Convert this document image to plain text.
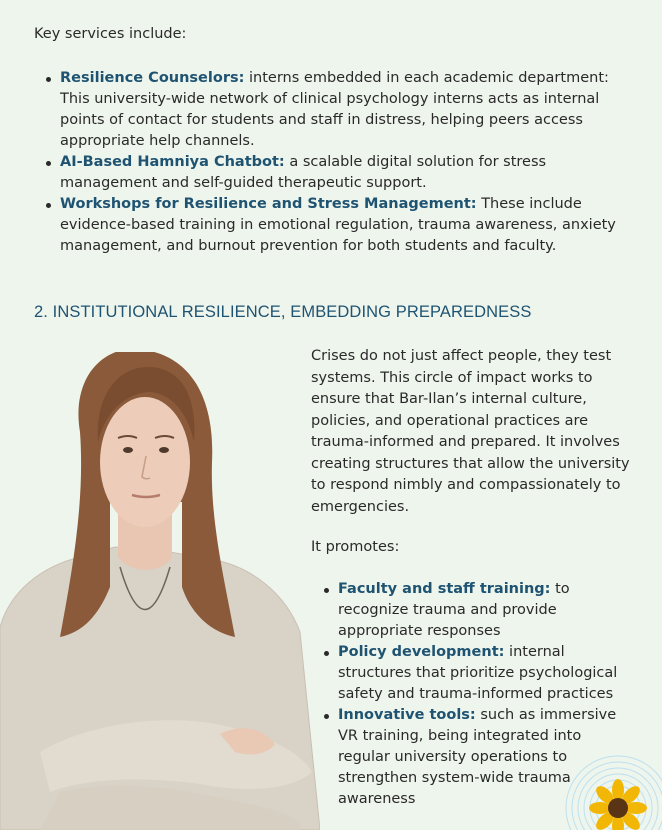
Key services include:
Resilience Counselors: interns embedded in each academic department: This university-wide network of clinical psychology interns acts as internal points of contact for students and staff in distress, helping peers access appropriate help channels.
AI-Based Hamniya Chatbot: a scalable digital solution for stress management and self-guided therapeutic support.
Workshops for Resilience and Stress Management: These include evidence-based training in emotional regulation, trauma awareness, anxiety management, and burnout prevention for both students and faculty.
2. INSTITUTIONAL RESILIENCE, EMBEDDING PREPAREDNESS
Crises do not just affect people, they test systems. This circle of impact works to ensure that Bar-Ilan’s internal culture, policies, and operational practices are trauma-informed and prepared. It involves creating structures that allow the university to respond nimbly and compassionately to emergencies.
It promotes:
Faculty and staff training: to recognize trauma and provide appropriate responses
Policy development: internal structures that prioritize psychological safety and trauma-informed practices
Innovative tools: such as immersive VR training, being integrated into regular university operations to strengthen system-wide trauma awareness
